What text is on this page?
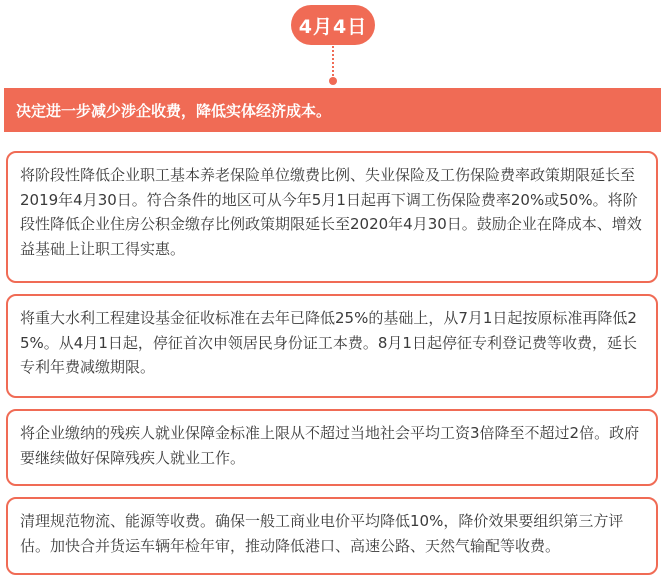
4月4日
决定进一步减少涉企收费，降低实体经济成本。
将阶段性降低企业职工基本养老保险单位缴费比例、失业保险及工伤保险费率政策期限延长至2019年4月30日。符合条件的地区可从今年5月1日起再下调工伤保险费率20%或50%。将阶段性降低企业住房公积金缴存比例政策期限延长至2020年4月30日。鼓励企业在降成本、增效益基础上让职工得实惠。
将重大水利工程建设基金征收标准在去年已降低25%的基础上，从7月1日起按原标准再降低25%。从4月1日起，停征首次申领居民身份证工本费。8月1日起停征专利登记费等收费，延长专利年费减缴期限。
将企业缴纳的残疾人就业保障金标准上限从不超过当地社会平均工资3倍降至不超过2倍。政府要继续做好保障残疾人就业工作。
清理规范物流、能源等收费。确保一般工商业电价平均降低10%，降价效果要组织第三方评估。加快合并货运车辆年检年审，推动降低港口、高速公路、天然气输配等收费。
